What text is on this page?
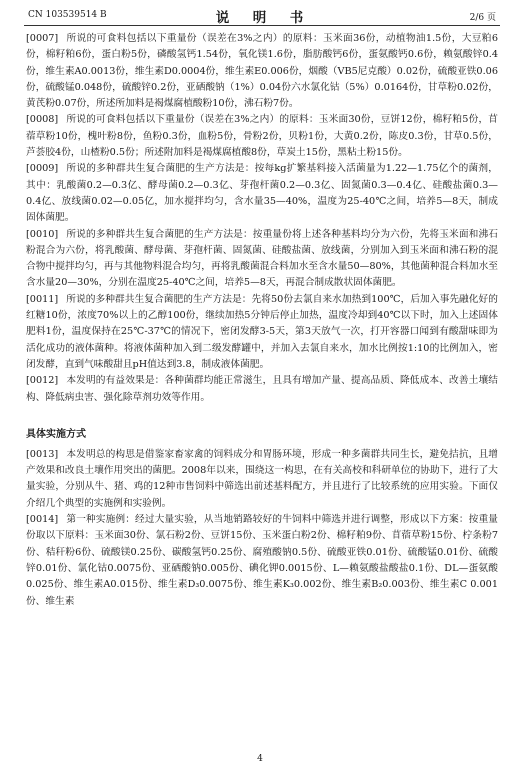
CN 103539514 B	说　明　书	2/6 页

[0007] 所说的可食料包括以下重量份（误差在3%之内）的原料：玉米面36份，动植物油1.5份，大豆粕6份，棉籽粕6份，蛋白粉5份，磷酸氢钙1.54份，氧化镁1.6份，脂肪酸钙6份，蛋氨酸钙0.6份，赖氨酸锌0.4份，维生素A0.0013份，维生素D0.0004份，维生素E0.006份，烟酸（VB5尼克酸）0.02份，硫酸亚铁0.06份，硫酸锰0.048份，硫酸锌0.2份，亚硒酸钠（1%）0.04份六水氯化钴（5%）0.0164份，甘草粉0.02份，黄芪粉0.07份，所述所加料是褐煤腐植酸粉10份，沸石粉7份。

[0008] 所说的可食料包括以下重量份（误差在3%之内）的原料：玉米面30份，豆饼12份，棉籽粕5份，苜蓿草粉10份，槐叶粉8份，鱼粉0.3份，血粉5份，骨粉2份，贝粉1份，大黄0.2份，陈皮0.3份，甘草0.5份，芦荟胶4份，山楂粉0.5份；所述附加料是褐煤腐植酸8份，草炭土15份，黑粘土粉15份。

[0009] 所说的多种群共生复合菌肥的生产方法是：按每kg扩繁基料接入活菌量为1.22—1.75亿个的菌剂，其中：乳酸菌0.2—0.3亿、酵母菌0.2—0.3亿、芽孢杆菌0.2—0.3亿、固氮菌0.3—0.4亿、硅酸盐菌0.3—0.4亿、放线菌0.02—0.05亿，加水搅拌均匀，含水量35—40%，温度为25-40℃之间，培养5—8天，制成固体菌肥。

[0010] 所说的多种群共生复合菌肥的生产方法是：按重量份将上述各种基料均分为六份，先将玉米面和沸石粉混合为六份，将乳酸菌、酵母菌、芽孢杆菌、固氮菌、硅酸盐菌、放线菌，分别加入到玉米面和沸石粉的混合物中搅拌均匀，再与其他物料混合均匀，再将乳酸菌混合料加水至含水量50—80%，其他菌种混合料加水至含水量20—30%，分别在温度25-40℃之间，培养5—8天，再混合制成散状固体菌肥。

[0011] 所说的多种群共生复合菌肥的生产方法是：先将50份去氯自来水加热到100℃，后加入事先融化好的红糖10份，浓度70%以上的乙醇100份，继续加热5分钟后停止加热，温度冷却到40℃以下时，加入上述固体肥料1份，温度保持在25℃-37℃的情况下，密闭发酵3-5天，第3天放气一次，打开容器口闻到有酸甜味即为活化成功的液体菌种。将液体菌种加入到二级发酵罐中，并加入去氯自来水，加水比例按1:10的比例加入，密闭发酵，直到气味酸甜且pH值达到3.8，制成液体菌肥。

[0012] 本发明的有益效果是：各种菌群均能正常滋生，且具有增加产量、提高品质、降低成本、改善土壤结构、降低病虫害、强化除草剂功效等作用。

具体实施方式

[0013] 本发明总的构思是借鉴家畜家禽的饲料成分和胃肠环境，形成一种多菌群共同生长，避免拮抗，且增产效果和改良土壤作用突出的菌肥。2008年以来，围绕这一构思，在有关高校和科研单位的协助下，进行了大量实验，分别从牛、猪、鸡的12种市售饲料中筛选出前述基料配方，并且进行了比较系统的应用实验。下面仅介绍几个典型的实施例和实验例。

[0014] 第一种实施例：经过大量实验，从当地销路较好的牛饲料中筛选并进行调整，形成以下方案：按重量份取以下原料：玉米面30份、氯石粉2份、豆饼15份、玉米蛋白粉2份、棉籽粕9份、苜蓿草粉15份、柠条粉7份、秸秆粉6份、硫酸镁0.25份、碳酸氢钙0.25份、腐殖酸钠0.5份、硫酸亚铁0.01份、硫酸锰0.01份、硫酸锌0.01份、氯化钴0.0075份、亚硒酸钠0.005份、碘化钾0.0015份、L—赖氨酸盐酸盐0.1份、DL—蛋氨酸0.025份、维生素A0.015份、维生素D₃0.0075份、维生素K₃0.002份、维生素B₂0.003份、维生素C 0.001份、维生素

4
